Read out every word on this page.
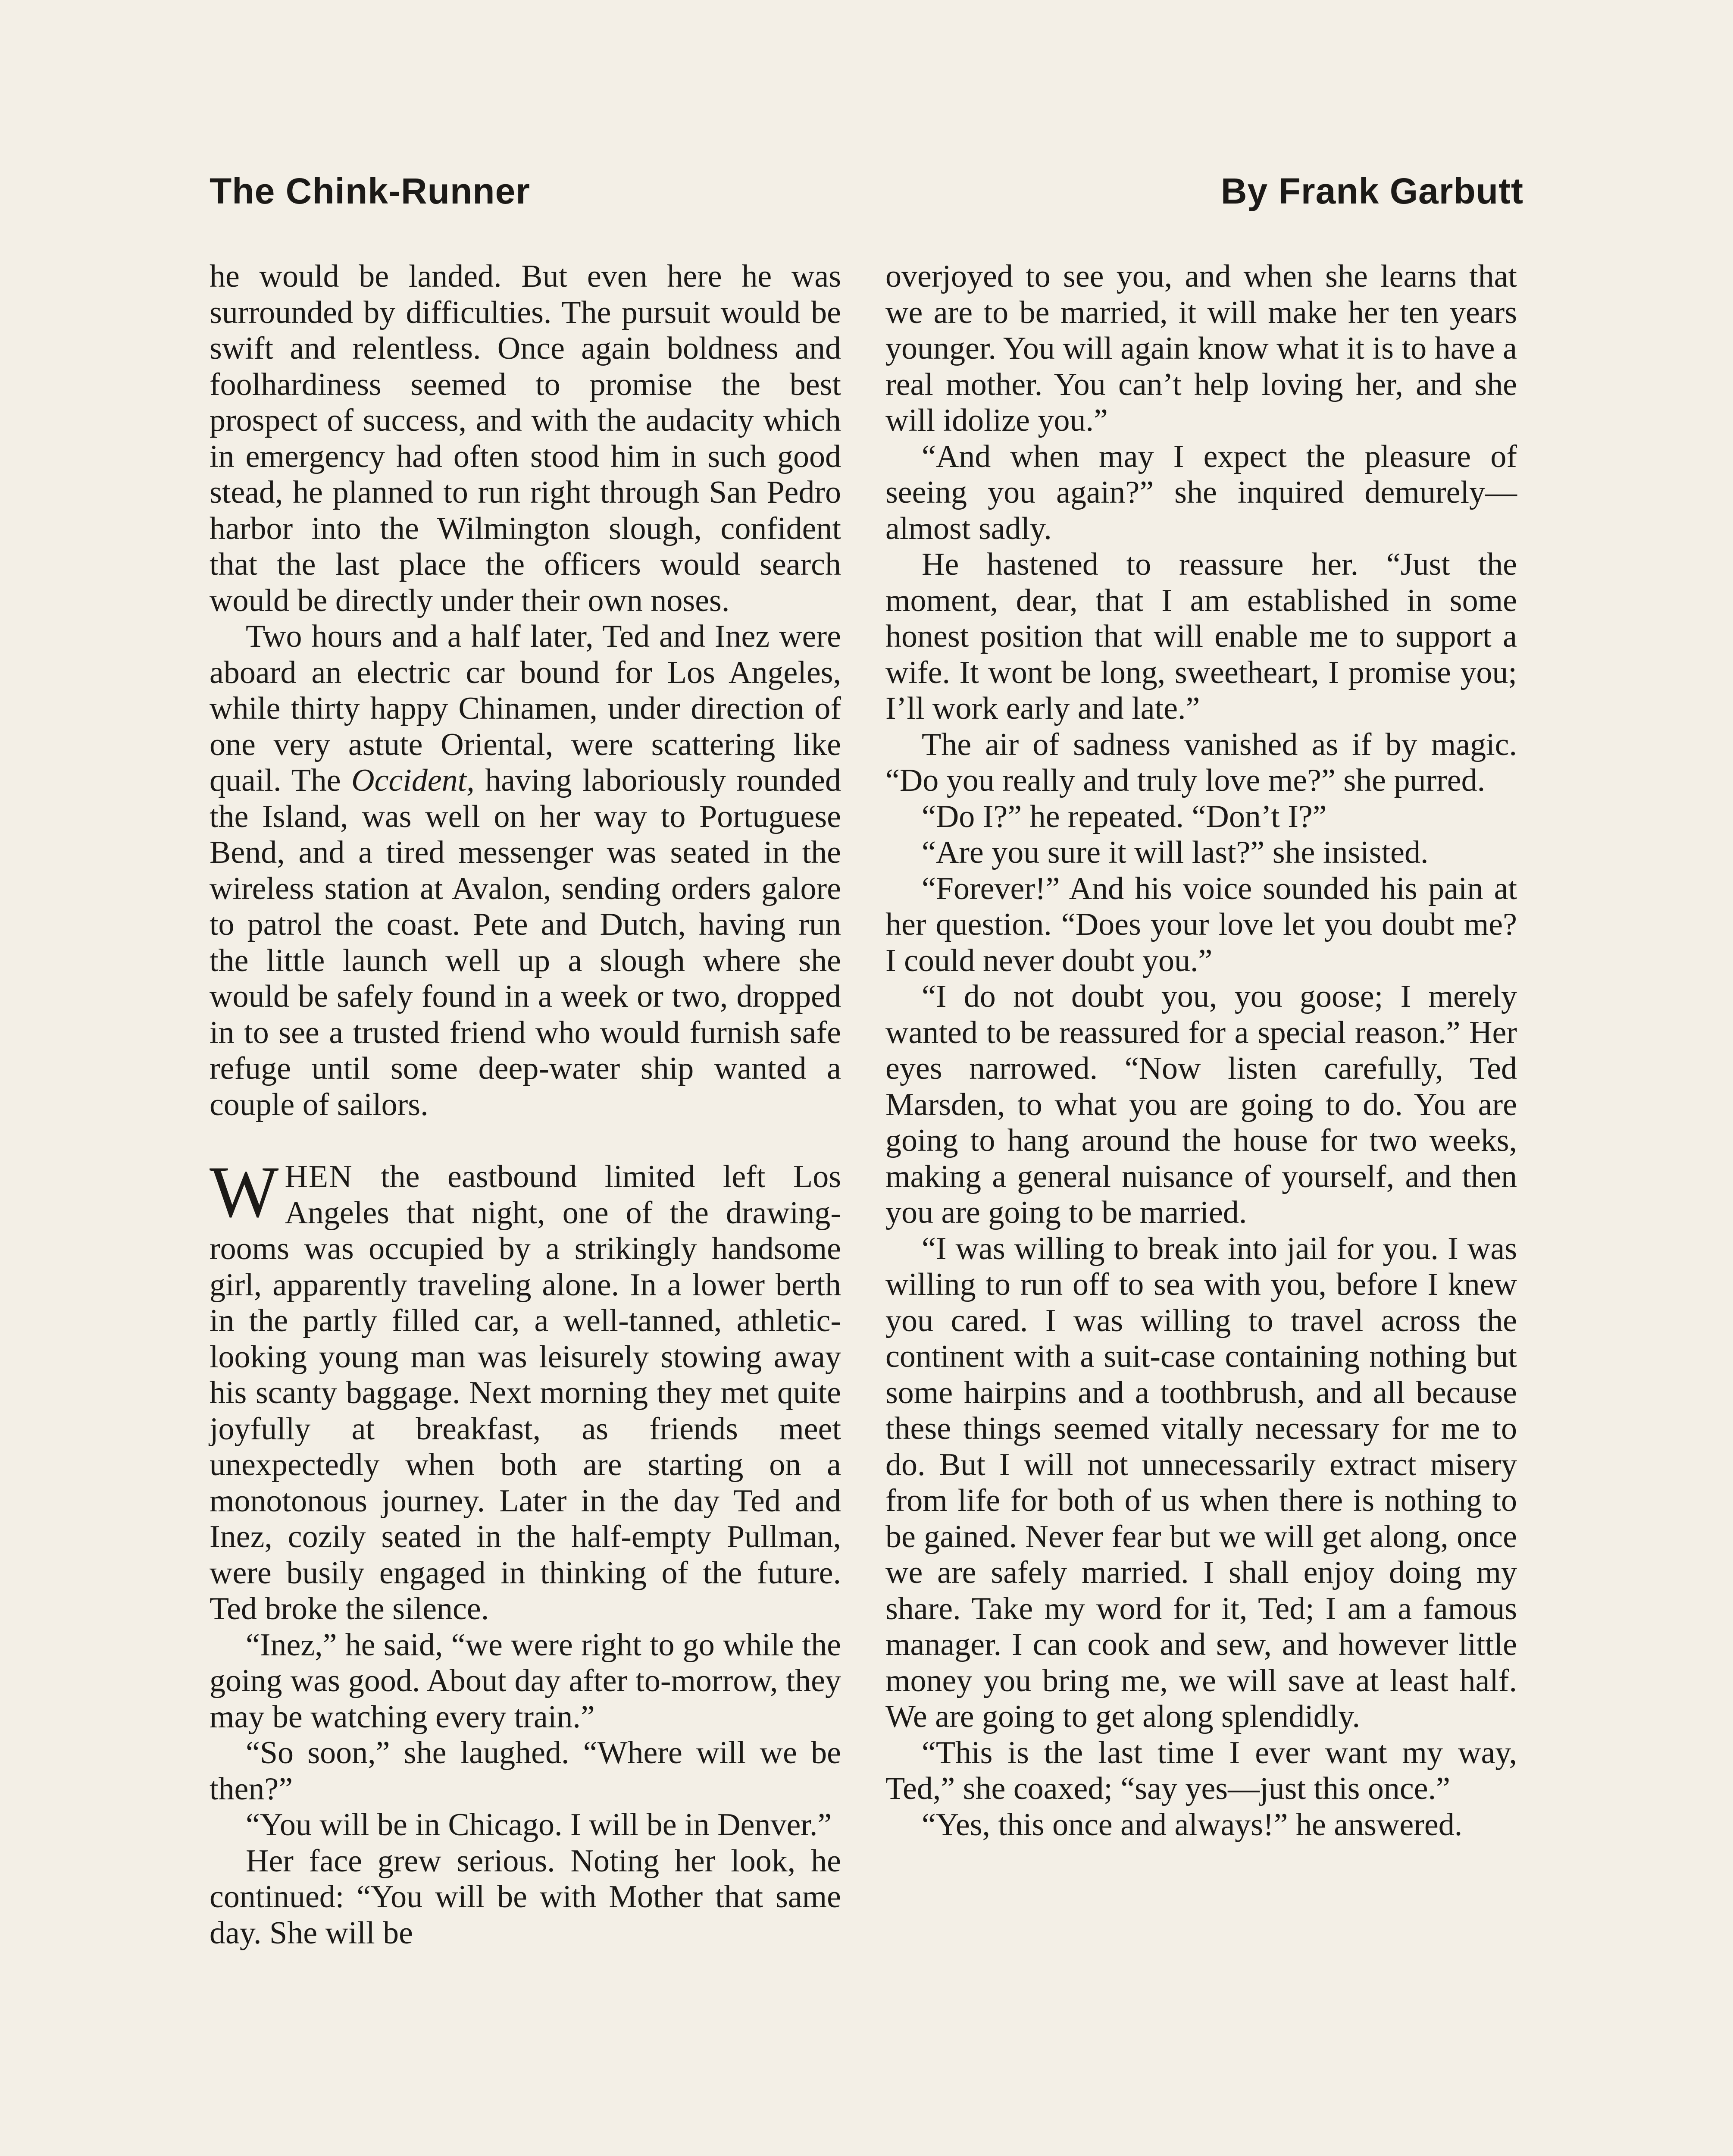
The Chink-Runner	By Frank Garbutt

he would be landed. But even here he was surrounded by difficulties. The pursuit would be swift and relentless. Once again boldness and foolhardiness seemed to promise the best prospect of success, and with the audacity which in emergency had often stood him in such good stead, he planned to run right through San Pedro harbor into the Wilmington slough, confident that the last place the officers would search would be directly under their own noses.

Two hours and a half later, Ted and Inez were aboard an electric car bound for Los Angeles, while thirty happy Chinamen, under direction of one very astute Oriental, were scattering like quail. The Occident, having laboriously rounded the Island, was well on her way to Portuguese Bend, and a tired messenger was seated in the wireless station at Avalon, sending orders galore to patrol the coast. Pete and Dutch, having run the little launch well up a slough where she would be safely found in a week or two, dropped in to see a trusted friend who would furnish safe refuge until some deep-water ship wanted a couple of sailors.

WHEN the eastbound limited left Los Angeles that night, one of the drawing-rooms was occupied by a strikingly handsome girl, apparently traveling alone. In a lower berth in the partly filled car, a well-tanned, athletic-looking young man was leisurely stowing away his scanty baggage. Next morning they met quite joyfully at breakfast, as friends meet unexpectedly when both are starting on a monotonous journey. Later in the day Ted and Inez, cozily seated in the half-empty Pullman, were busily engaged in thinking of the future. Ted broke the silence.

“Inez,” he said, “we were right to go while the going was good. About day after to-morrow, they may be watching every train.”

“So soon,” she laughed. “Where will we be then?”

“You will be in Chicago. I will be in Denver.”

Her face grew serious. Noting her look, he continued: “You will be with Mother that same day. She will be

overjoyed to see you, and when she learns that we are to be married, it will make her ten years younger. You will again know what it is to have a real mother. You can’t help loving her, and she will idolize you.”

“And when may I expect the pleasure of seeing you again?” she inquired demurely—almost sadly.

He hastened to reassure her. “Just the moment, dear, that I am established in some honest position that will enable me to support a wife. It wont be long, sweetheart, I promise you; I’ll work early and late.”

The air of sadness vanished as if by magic. “Do you really and truly love me?” she purred.

“Do I?” he repeated. “Don’t I?”

“Are you sure it will last?” she insisted.

“Forever!” And his voice sounded his pain at her question. “Does your love let you doubt me? I could never doubt you.”

“I do not doubt you, you goose; I merely wanted to be reassured for a special reason.” Her eyes narrowed. “Now listen carefully, Ted Marsden, to what you are going to do. You are going to hang around the house for two weeks, making a general nuisance of yourself, and then you are going to be married.

“I was willing to break into jail for you. I was willing to run off to sea with you, before I knew you cared. I was willing to travel across the continent with a suit-case containing nothing but some hairpins and a toothbrush, and all because these things seemed vitally necessary for me to do. But I will not unnecessarily extract misery from life for both of us when there is nothing to be gained. Never fear but we will get along, once we are safely married. I shall enjoy doing my share. Take my word for it, Ted; I am a famous manager. I can cook and sew, and however little money you bring me, we will save at least half. We are going to get along splendidly.

“This is the last time I ever want my way, Ted,” she coaxed; “say yes—just this once.”

“Yes, this once and always!” he answered.
